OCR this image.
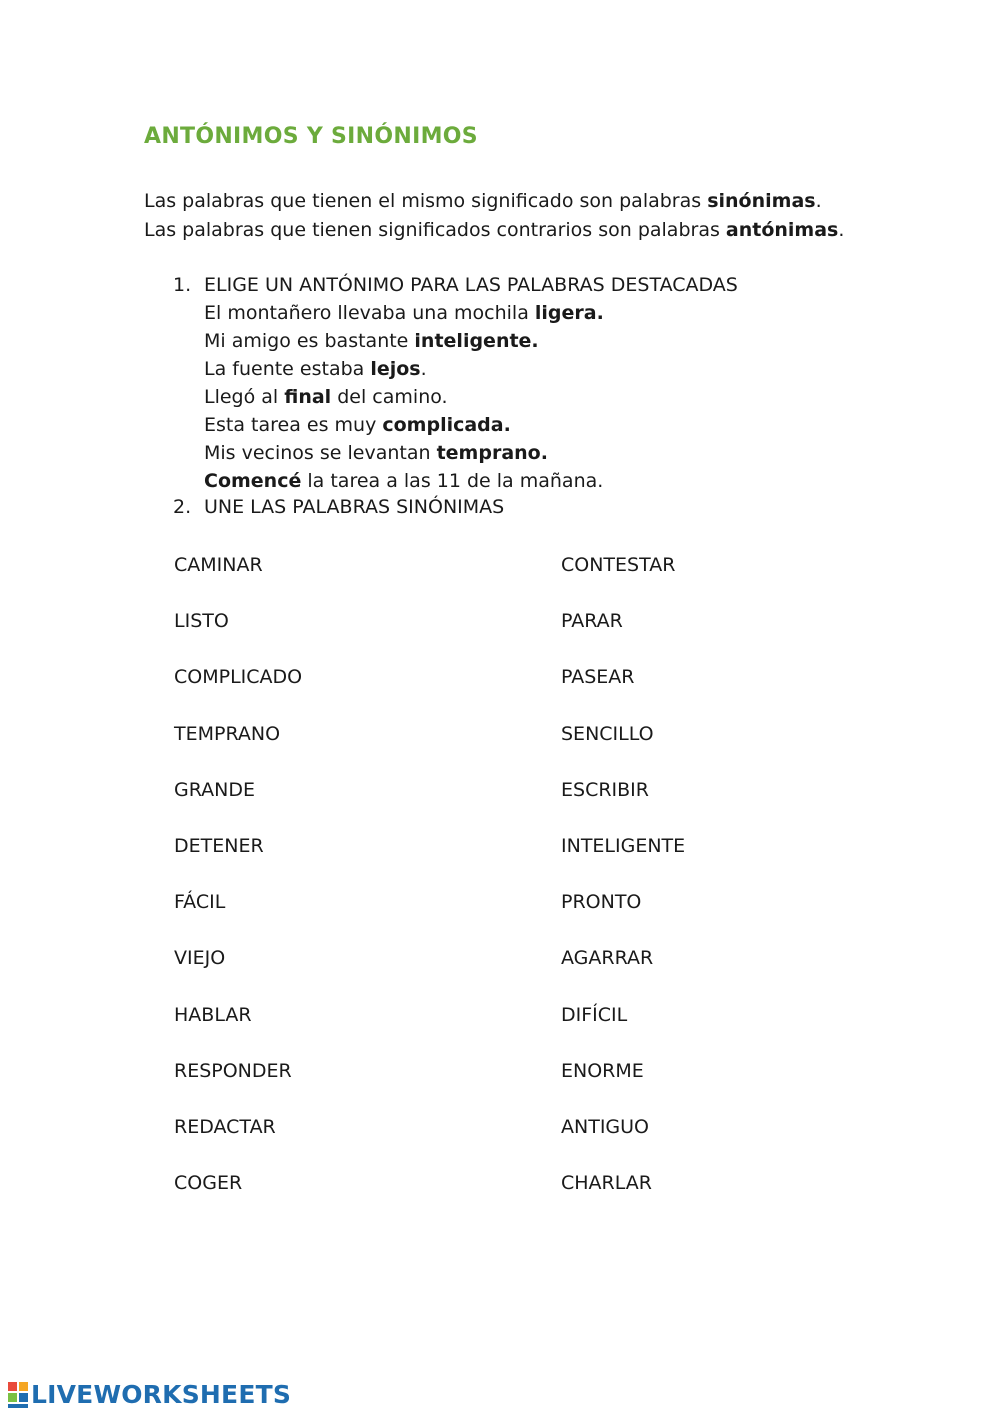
ANTÓNIMOS Y SINÓNIMOS

Las palabras que tienen el mismo significado son palabras sinónimas.

Las palabras que tienen significados contrarios son palabras antónimas.

1. ELIGE UN ANTÓNIMO PARA LAS PALABRAS DESTACADAS
El montañero llevaba una mochila ligera.
Mi amigo es bastante inteligente.
La fuente estaba lejos.
Llegó al final del camino.
Esta tarea es muy complicada.
Mis vecinos se levantan temprano.
Comencé la tarea a las 11 de la mañana.
2. UNE LAS PALABRAS SINÓNIMAS
CAMINAR
LISTO
COMPLICADO
TEMPRANO
GRANDE
DETENER
FÁCIL
VIEJO
HABLAR
RESPONDER
REDACTAR
COGER
CONTESTAR
PARAR
PASEAR
SENCILLO
ESCRIBIR
INTELIGENTE
PRONTO
AGARRAR
DIFÍCIL
ENORME
ANTIGUO
CHARLAR
LIVEWORKSHEETS
